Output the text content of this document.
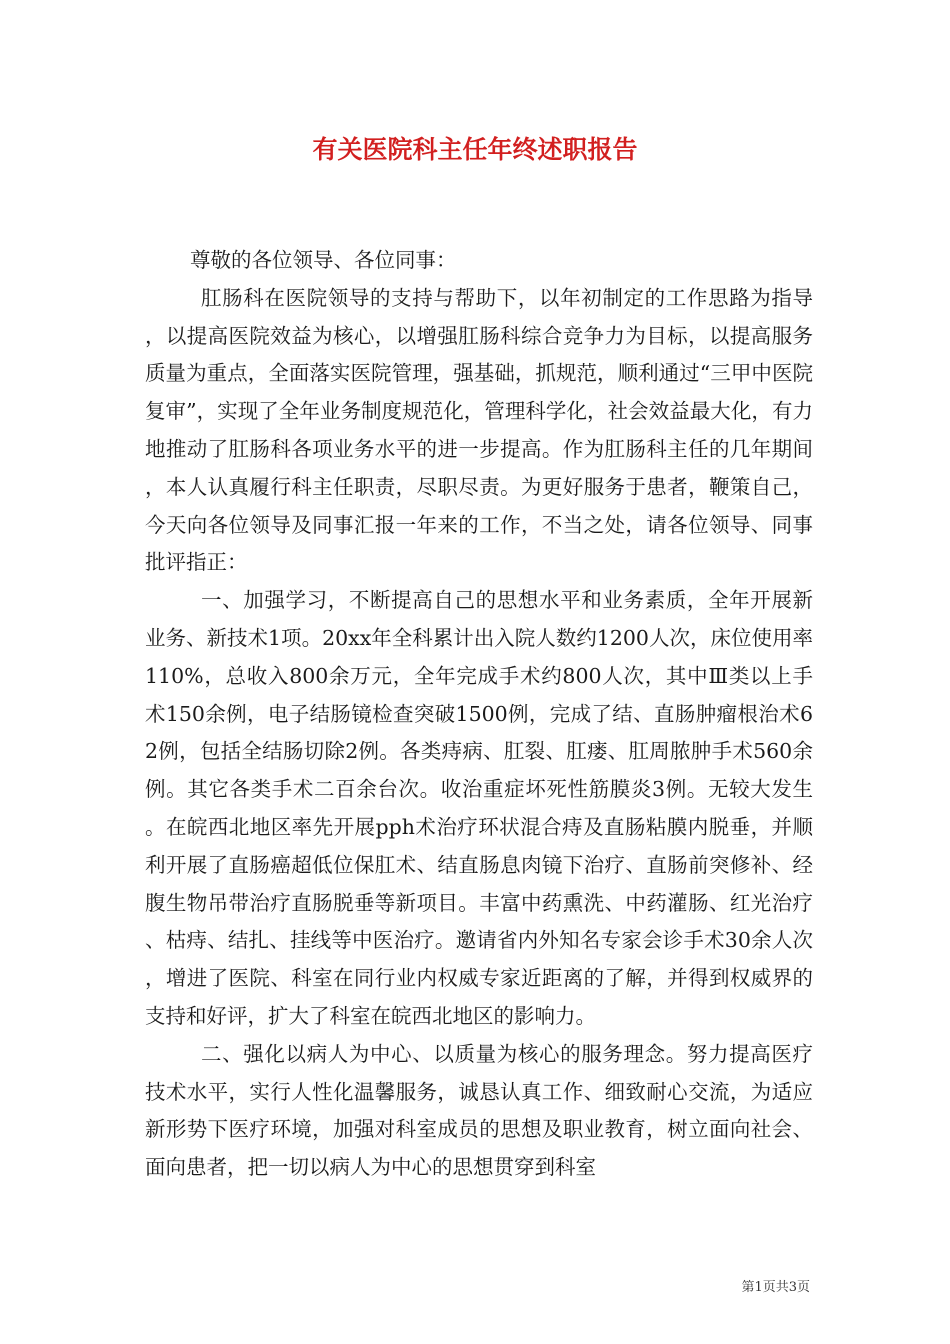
有关医院科主任年终述职报告

尊敬的各位领导、各位同事：

肛肠科在医院领导的支持与帮助下，以年初制定的工作思路为指导，以提高医院效益为核心，以增强肛肠科综合竞争力为目标，以提高服务质量为重点，全面落实医院管理，强基础，抓规范，顺利通过“三甲中医院复审”，实现了全年业务制度规范化，管理科学化，社会效益最大化，有力地推动了肛肠科各项业务水平的进一步提高。作为肛肠科主任的几年期间，本人认真履行科主任职责，尽职尽责。为更好服务于患者，鞭策自己，今天向各位领导及同事汇报一年来的工作，不当之处，请各位领导、同事批评指正：

一、加强学习，不断提高自己的思想水平和业务素质，全年开展新业务、新技术1项。20xx年全科累计出入院人数约1200人次，床位使用率110%，总收入800余万元，全年完成手术约800人次，其中Ⅲ类以上手术150余例，电子结肠镜检查突破1500例，完成了结、直肠肿瘤根治术62例，包括全结肠切除2例。各类痔病、肛裂、肛瘘、肛周脓肿手术560余例。其它各类手术二百余台次。收治重症坏死性筋膜炎3例。无较大发生。在皖西北地区率先开展pph术治疗环状混合痔及直肠粘膜内脱垂，并顺利开展了直肠癌超低位保肛术、结直肠息肉镜下治疗、直肠前突修补、经腹生物吊带治疗直肠脱垂等新项目。丰富中药熏洗、中药灌肠、红光治疗、枯痔、结扎、挂线等中医治疗。邀请省内外知名专家会诊手术30余人次，增进了医院、科室在同行业内权威专家近距离的了解，并得到权威界的支持和好评，扩大了科室在皖西北地区的影响力。

二、强化以病人为中心、以质量为核心的服务理念。努力提高医疗技术水平，实行人性化温馨服务，诚恳认真工作、细致耐心交流，为适应新形势下医疗环境，加强对科室成员的思想及职业教育，树立面向社会、面向患者，把一切以病人为中心的思想贯穿到科室

第1页共3页
